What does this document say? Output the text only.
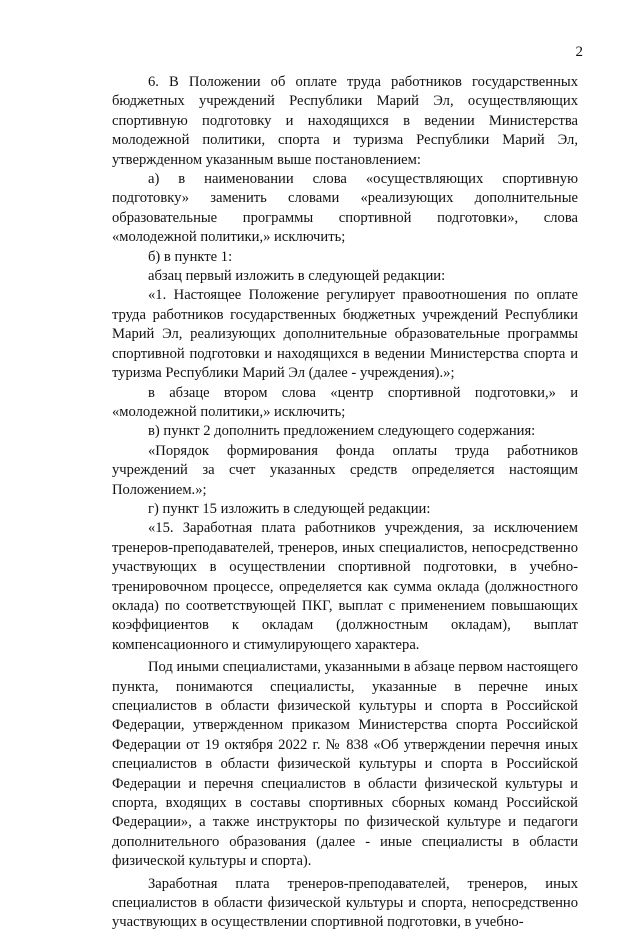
2

6. В Положении об оплате труда работников государственных бюджетных учреждений Республики Марий Эл, осуществляющих спортивную подготовку и находящихся в ведении Министерства молодежной политики, спорта и туризма Республики Марий Эл, утвержденном указанным выше постановлением:

а) в наименовании слова «осуществляющих спортивную подготовку» заменить словами «реализующих дополнительные образовательные программы спортивной подготовки», слова «молодежной политики,» исключить;

б) в пункте 1:

абзац первый изложить в следующей редакции:

«1. Настоящее Положение регулирует правоотношения по оплате труда работников государственных бюджетных учреждений Республики Марий Эл, реализующих дополнительные образовательные программы спортивной подготовки и находящихся в ведении Министерства спорта и туризма Республики Марий Эл (далее - учреждения).»;

в абзаце втором слова «центр спортивной подготовки,» и «молодежной политики,» исключить;

в) пункт 2 дополнить предложением следующего содержания:

«Порядок формирования фонда оплаты труда работников учреждений за счет указанных средств определяется настоящим Положением.»;

г) пункт 15 изложить в следующей редакции:

«15. Заработная плата работников учреждения, за исключением тренеров-преподавателей, тренеров, иных специалистов, непосредственно участвующих в осуществлении спортивной подготовки, в учебно-тренировочном процессе, определяется как сумма оклада (должностного оклада) по соответствующей ПКГ, выплат с применением повышающих коэффициентов к окладам (должностным окладам), выплат компенсационного и стимулирующего характера.

Под иными специалистами, указанными в абзаце первом настоящего пункта, понимаются специалисты, указанные в перечне иных специалистов в области физической культуры и спорта в Российской Федерации, утвержденном приказом Министерства спорта Российской Федерации от 19 октября 2022 г. № 838 «Об утверждении перечня иных специалистов в области физической культуры и спорта в Российской Федерации и перечня специалистов в области физической культуры и спорта, входящих в составы спортивных сборных команд Российской Федерации», а также инструкторы по физической культуре и педагоги дополнительного образования (далее - иные специалисты в области физической культуры и спорта).

Заработная плата тренеров-преподавателей, тренеров, иных специалистов в области физической культуры и спорта, непосредственно участвующих в осуществлении спортивной подготовки, в учебно-
